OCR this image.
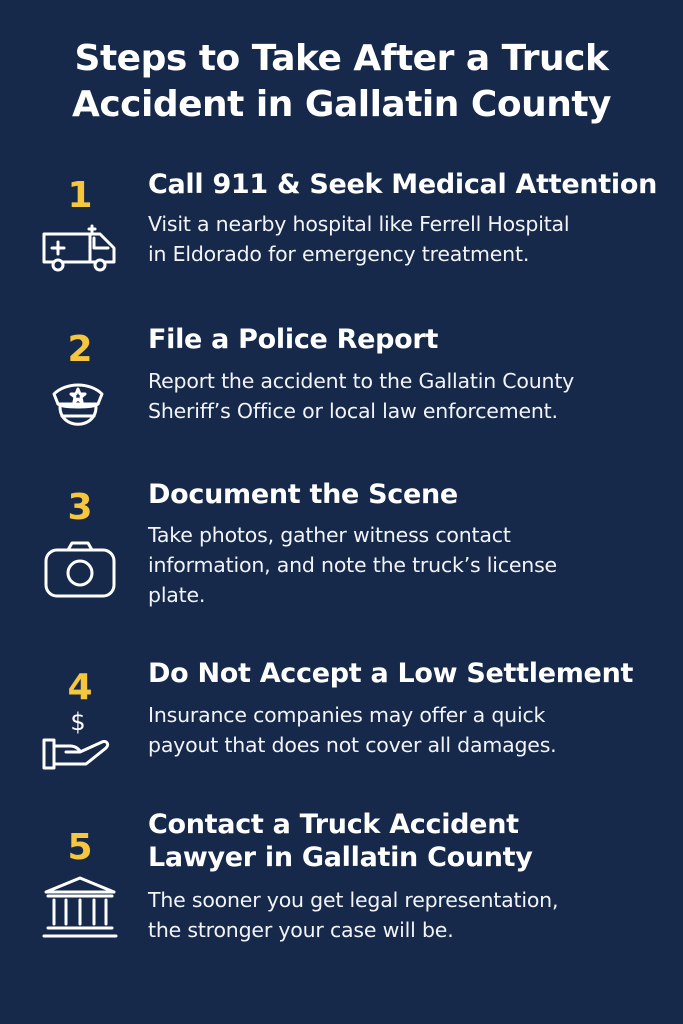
Steps to Take After a Truck
Accident in Gallatin County
1 Call 911 & Seek Medical Attention
Visit a nearby hospital like Ferrell Hospital
in Eldorado for emergency treatment.
2 File a Police Report
Report the accident to the Gallatin County
Sheriff’s Office or local law enforcement.
3 Document the Scene
Take photos, gather witness contact
information, and note the truck’s license
plate.
4
$
Do Not Accept a Low Settlement
Insurance companies may offer a quick
payout that does not cover all damages.
5
Contact a Truck Accident
Lawyer in Gallatin County
The sooner you get legal representation,
the stronger your case will be.
